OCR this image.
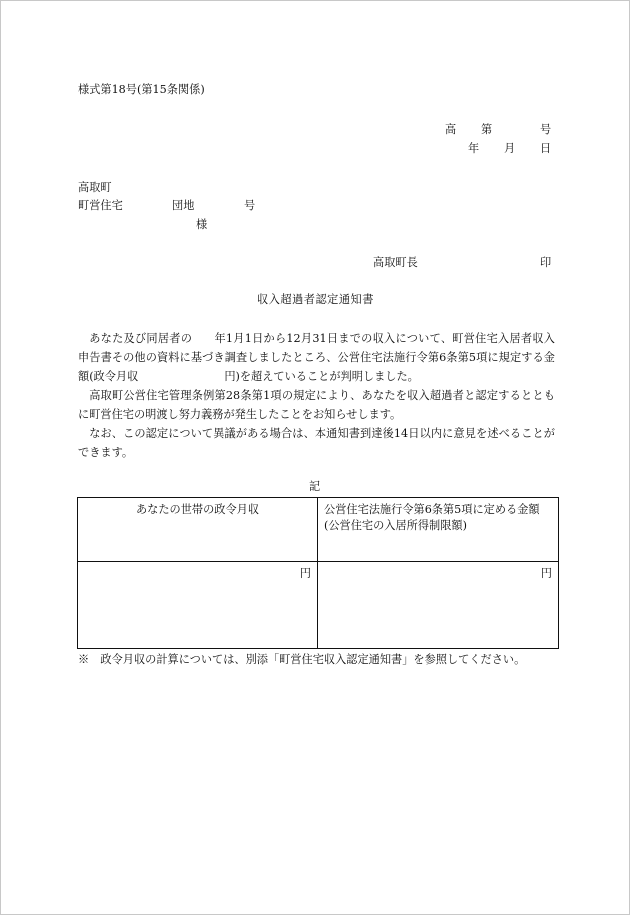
様式第18号(第15条関係)
高 第	号
年 月 日
高取町
町営住宅	団地	号
様
高取町長	印
収入超過者認定通知書

あなた及び同居者の 年1月1日から12月31日までの収入について、町営住宅入居者収入申告書その他の資料に基づき調査しましたところ、公営住宅法施行令第6条第5項に規定する金額(政令月収	円)を超えていることが判明しました。

高取町公営住宅管理条例第28条第1項の規定により、あなたを収入超過者と認定するとともに町営住宅の明渡し努力義務が発生したことをお知らせします。

なお、この認定について異議がある場合は、本通知書到達後14日以内に意見を述べることができます。

記
あなたの世帯の政令月収	公営住宅法施行令第6条第5項に定める金額
(公営住宅の入居所得制限額)

円	円
※　政令月収の計算については、別添「町営住宅収入認定通知書」を参照してください。
